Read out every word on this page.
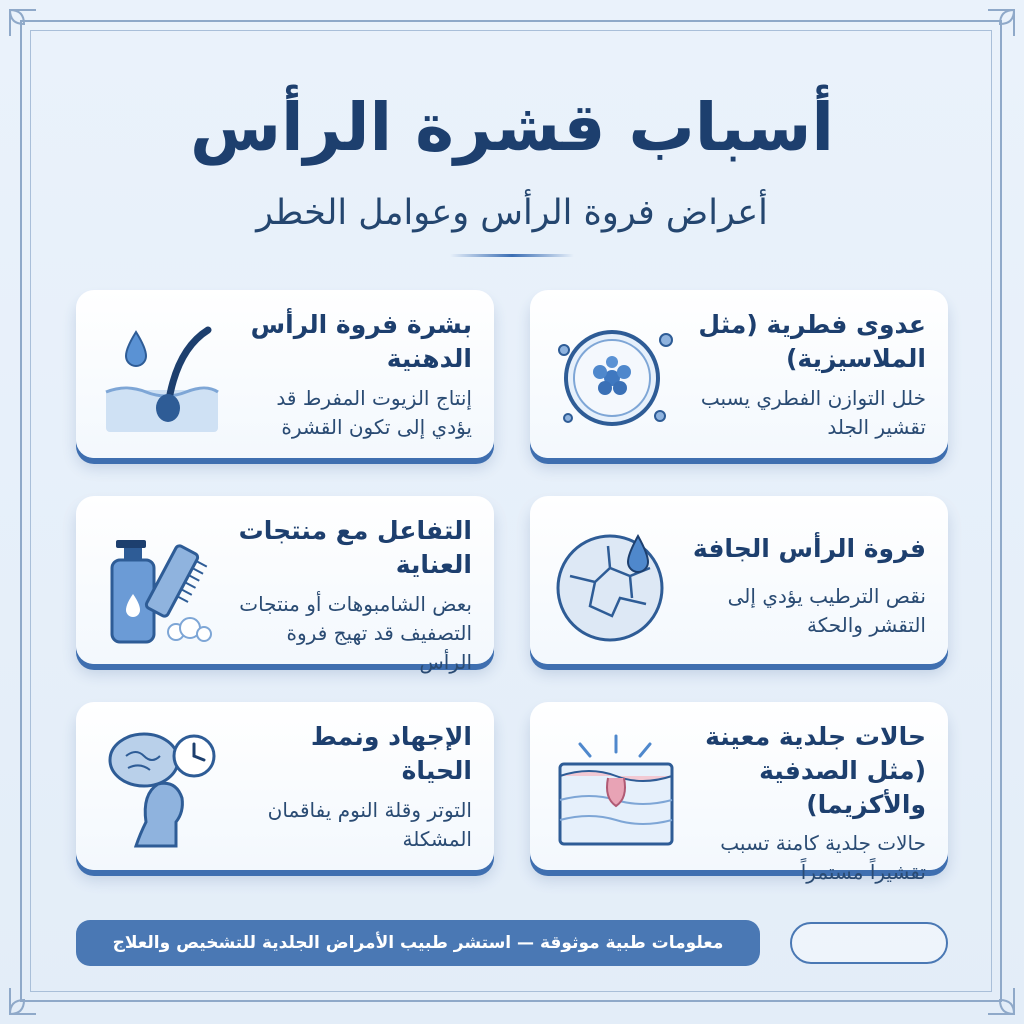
أسباب قشرة الرأس
أعراض فروة الرأس وعوامل الخطر
عدوى فطرية (مثل الملاسيزية)
خلل التوازن الفطري يسبب تقشير الجلد
بشرة فروة الرأس الدهنية
إنتاج الزيوت المفرط قد يؤدي إلى تكون القشرة
فروة الرأس الجافة
نقص الترطيب يؤدي إلى التقشر والحكة
التفاعل مع منتجات العناية
بعض الشامبوهات أو منتجات التصفيف قد تهيج فروة الرأس
حالات جلدية معينة (مثل الصدفية والأكزيما)
حالات جلدية كامنة تسبب تقشيراً مستمراً
الإجهاد ونمط الحياة
التوتر وقلة النوم يفاقمان المشكلة
معلومات طبية موثوقة — استشر طبيب الأمراض الجلدية للتشخيص والعلاج
